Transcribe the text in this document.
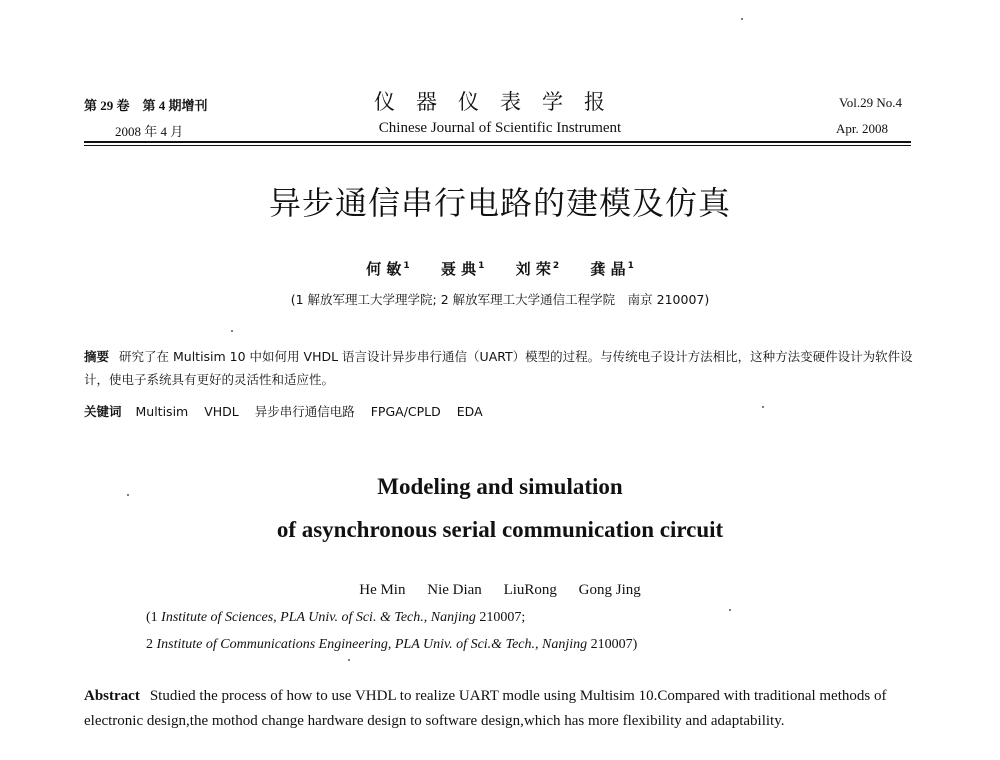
第 29 卷　第 4 期增刊
2008 年 4 月
仪器仪表学报
Chinese Journal of Scientific Instrument
Vol.29 No.4
Apr. 2008
异步通信串行电路的建模及仿真
何 敏 $^1$ 聂 典 $^1$ 刘 荣 $^2$ 龚 晶 $^1$
(1 解放军理工大学理学院; 2 解放军理工大学通信工程学院　南京 210007)
摘要 研究了在 Multisim 10 中如何用 VHDL 语言设计异步串行通信（UART）模型的过程。与传统电子设计方法相比，这种方法变硬件设计为软件设计，使电子系统具有更好的灵活性和适应性。
关键词 Multisim VHDL 异步串行通信电路 FPGA/CPLD EDA
Modeling and simulation
of asynchronous serial communication circuit
He Min Nie Dian LiuRong Gong Jing
(1 Institute of Sciences, PLA Univ. of Sci. & Tech., Nanjing 210007;
2 Institute of Communications Engineering, PLA Univ. of Sci.& Tech., Nanjing 210007)
Abstract Studied the process of how to use VHDL to realize UART modle using Multisim 10.Compared with traditional methods of electronic design,the mothod change hardware design to software design,which has more flexibility and adaptability.
